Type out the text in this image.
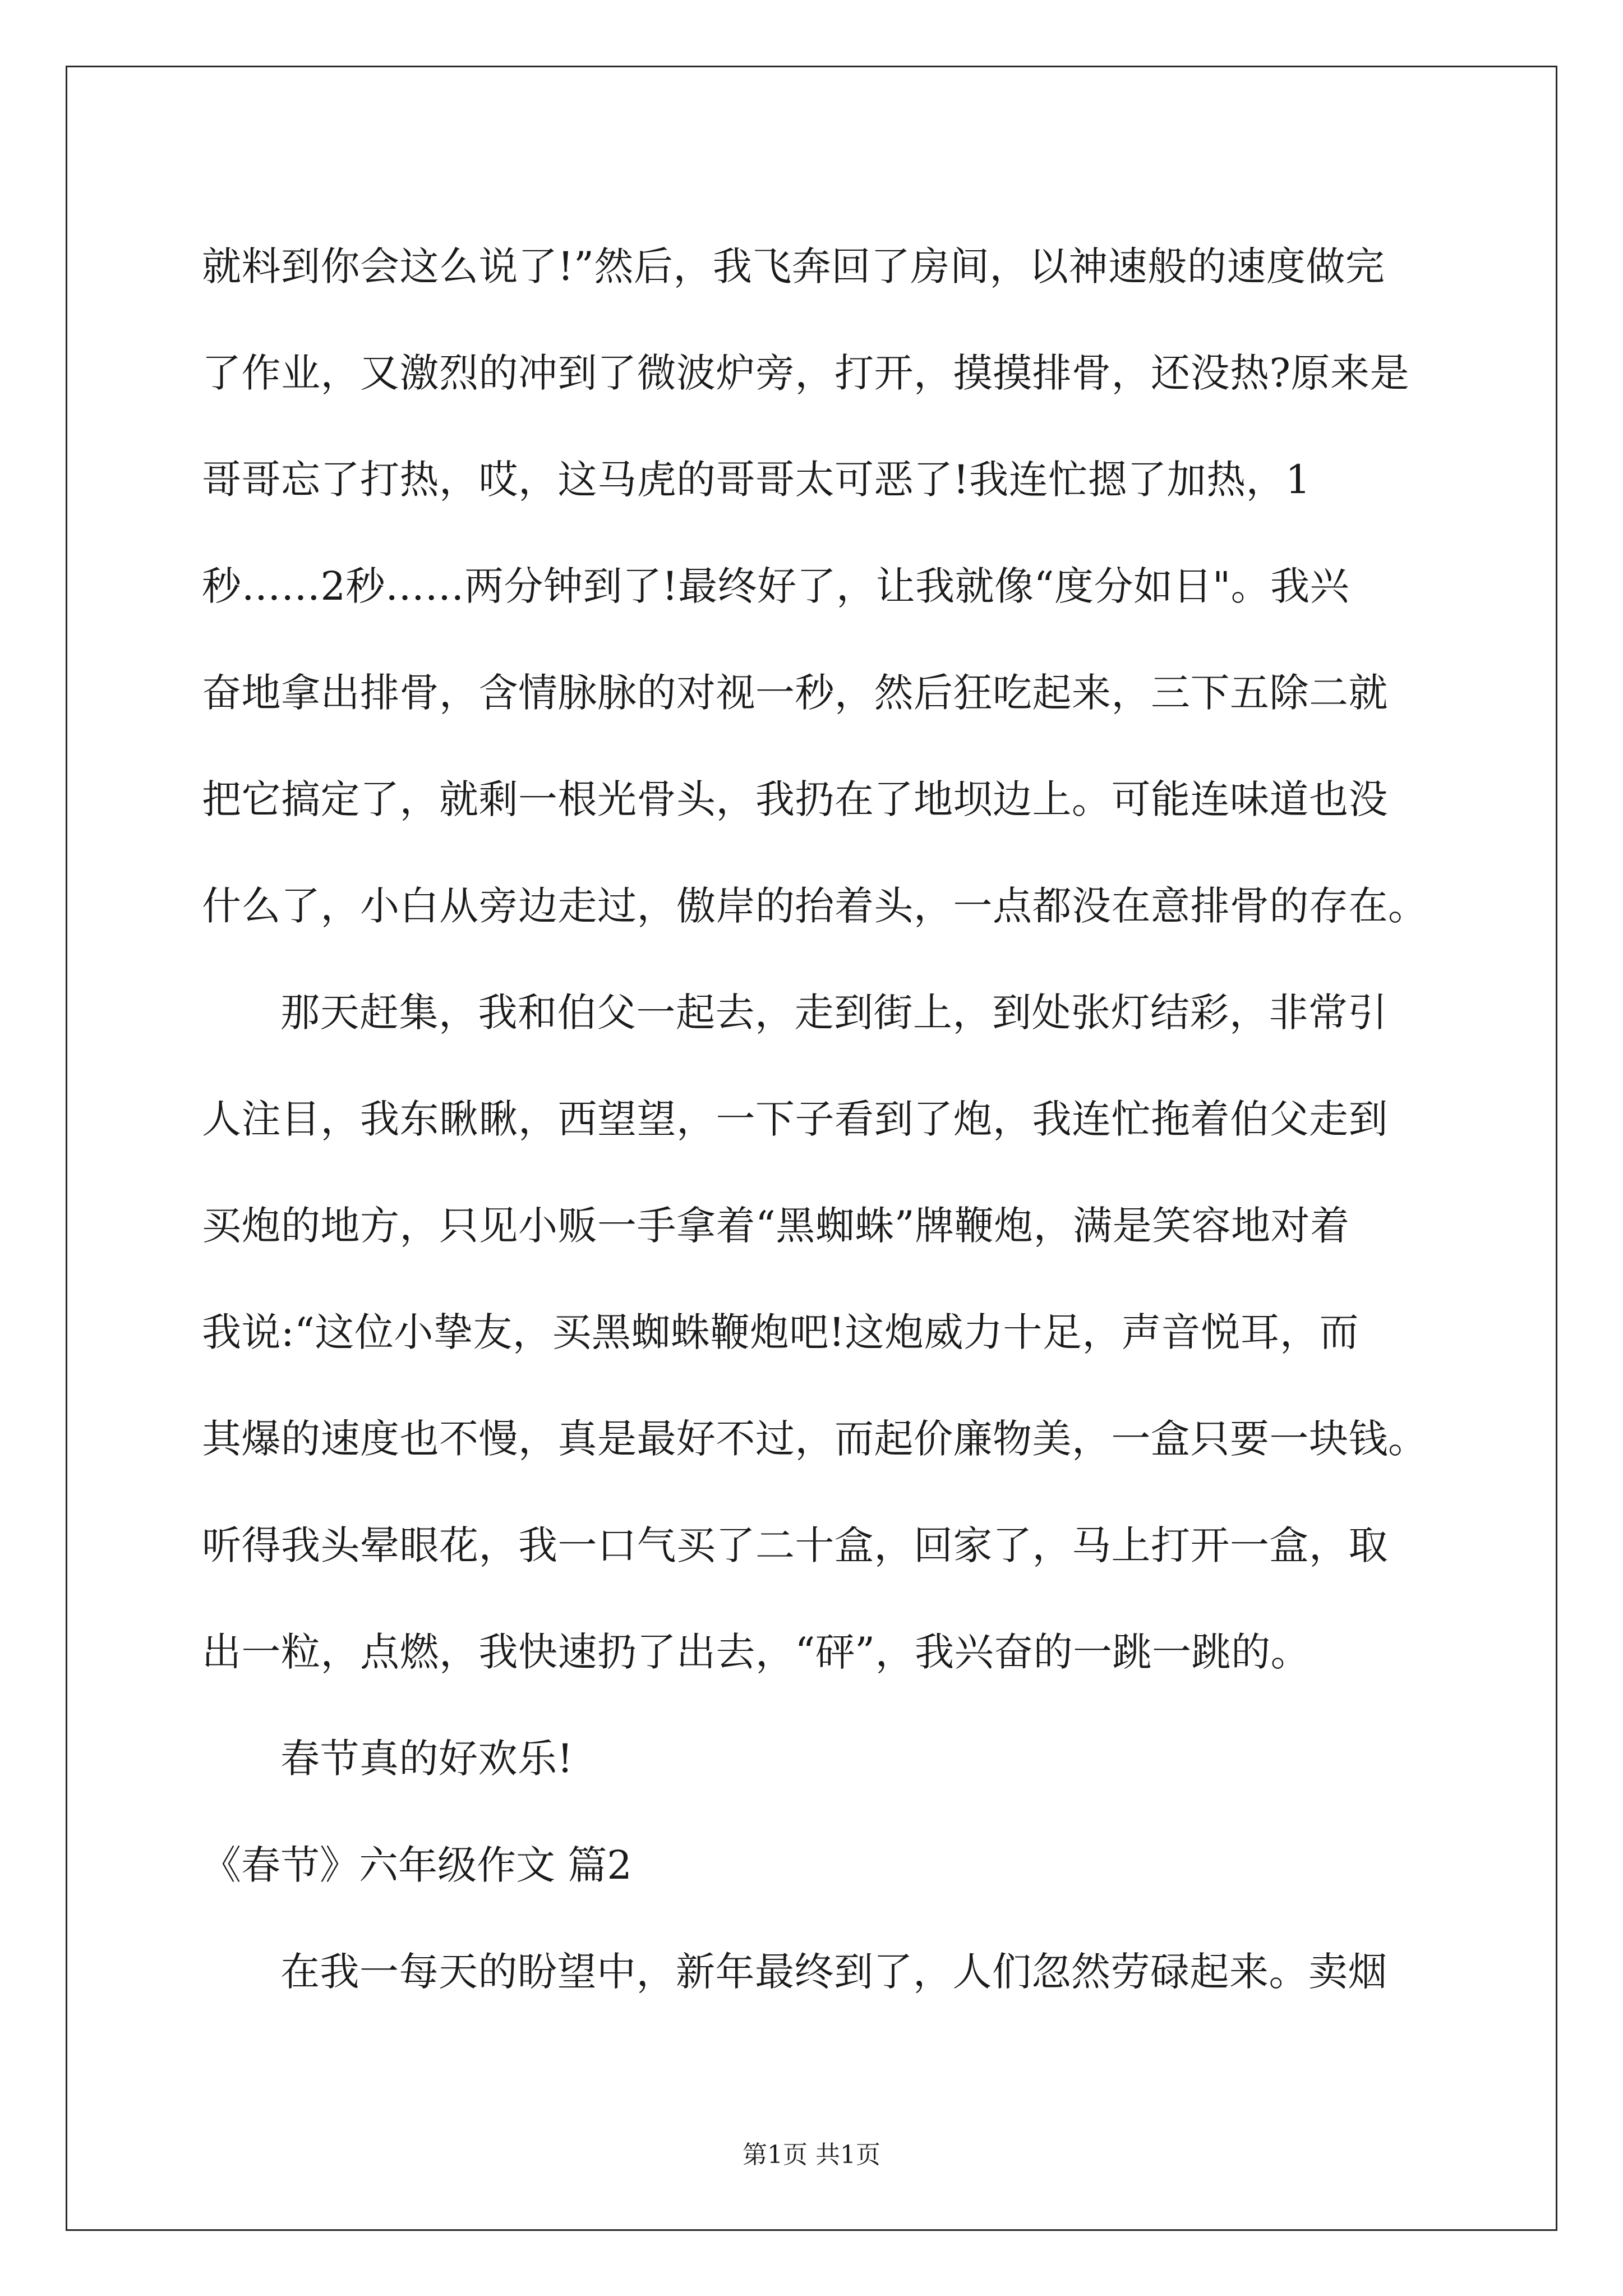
就料到你会这么说了!”然后，我飞奔回了房间，以神速般的速度做完
了作业，又激烈的冲到了微波炉旁，打开，摸摸排骨，还没热?原来是
哥哥忘了打热，哎，这马虎的哥哥太可恶了!我连忙摁了加热，1
秒……2秒……两分钟到了!最终好了，让我就像“度分如日"。我兴
奋地拿出排骨，含情脉脉的对视一秒，然后狂吃起来，三下五除二就
把它搞定了，就剩一根光骨头，我扔在了地坝边上。可能连味道也没
什么了，小白从旁边走过，傲岸的抬着头，一点都没在意排骨的存在。
那天赶集，我和伯父一起去，走到街上，到处张灯结彩，非常引
人注目，我东瞅瞅，西望望，一下子看到了炮，我连忙拖着伯父走到
买炮的地方，只见小贩一手拿着“黑蜘蛛”牌鞭炮，满是笑容地对着
我说:“这位小挚友，买黑蜘蛛鞭炮吧!这炮威力十足，声音悦耳，而
其爆的速度也不慢，真是最好不过，而起价廉物美，一盒只要一块钱。
听得我头晕眼花，我一口气买了二十盒，回家了，马上打开一盒，取
出一粒，点燃，我快速扔了出去，“砰”，我兴奋的一跳一跳的。
春节真的好欢乐!
《春节》六年级作文 篇2
在我一每天的盼望中，新年最终到了，人们忽然劳碌起来。卖烟
第1页 共1页
